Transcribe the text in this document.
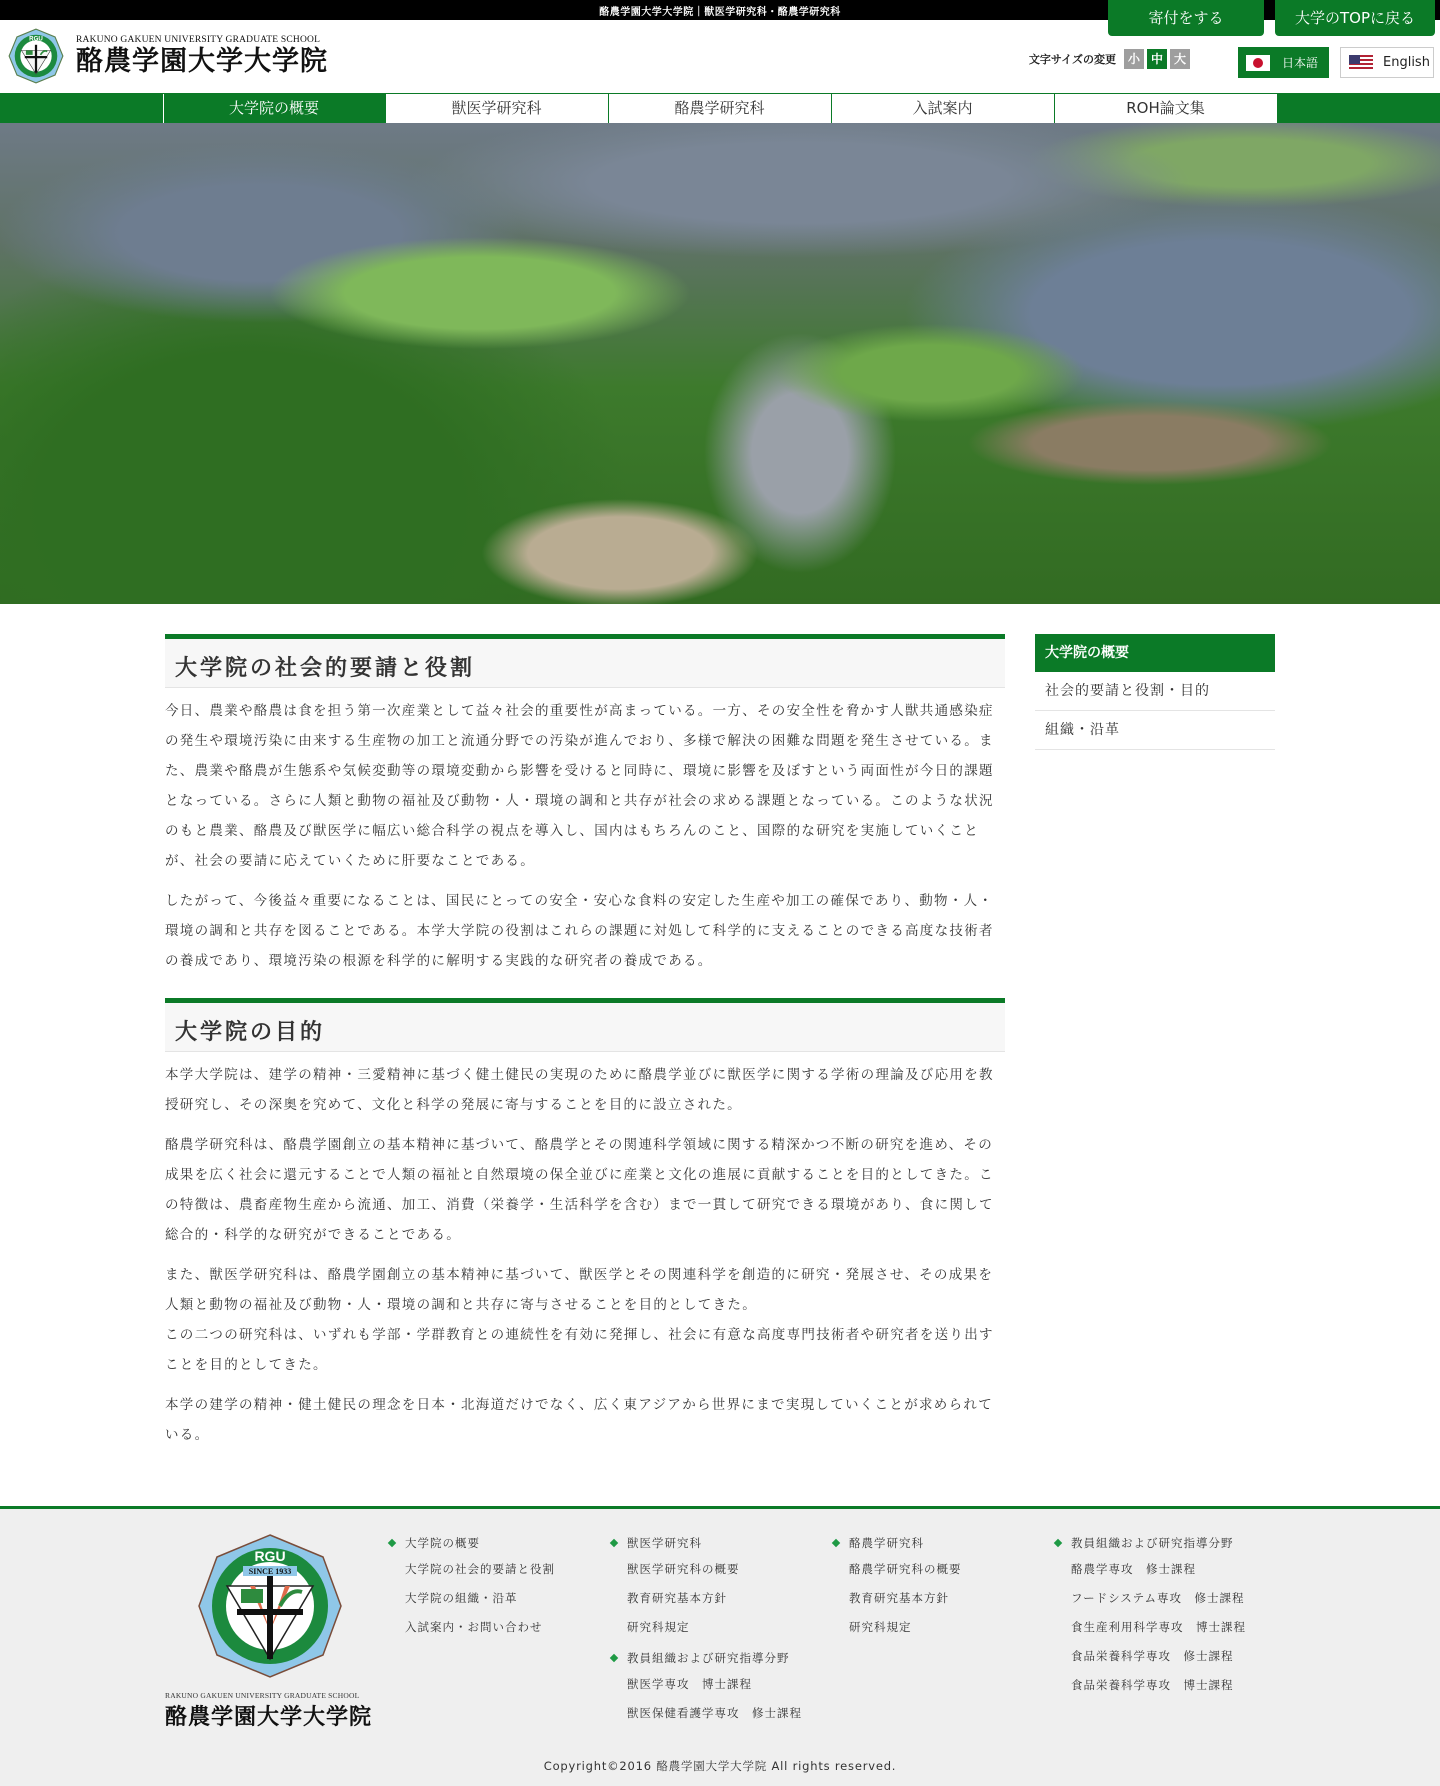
酪農学園大学大学院｜獣医学研究科・酪農学研究科	寄付をする	大学のTOPに戻る
RGU	RAKUNO GAKUEN UNIVERSITY GRADUATE SCHOOL
酪農学園大学大学院	文字サイズの変更 小 中 大	日本語	English
大学院の概要	獣医学研究科	酪農学研究科	入試案内	ROH論文集
大学院の社会的要請と役割

今日、農業や酪農は食を担う第一次産業として益々社会的重要性が高まっている。一方、その安全性を脅かす人獣共通感染症の発生や環境汚染に由来する生産物の加工と流通分野での汚染が進んでおり、多様で解決の困難な問題を発生させている。また、農業や酪農が生態系や気候変動等の環境変動から影響を受けると同時に、環境に影響を及ぼすという両面性が今日的課題となっている。さらに人類と動物の福祉及び動物・人・環境の調和と共存が社会の求める課題となっている。このような状況のもと農業、酪農及び獣医学に幅広い総合科学の視点を導入し、国内はもちろんのこと、国際的な研究を実施していくことが、社会の要請に応えていくために肝要なことである。

したがって、今後益々重要になることは、国民にとっての安全・安心な食料の安定した生産や加工の確保であり、動物・人・環境の調和と共存を図ることである。本学大学院の役割はこれらの課題に対処して科学的に支えることのできる高度な技術者の養成であり、環境汚染の根源を科学的に解明する実践的な研究者の養成である。

大学院の目的

本学大学院は、建学の精神・三愛精神に基づく健土健民の実現のために酪農学並びに獣医学に関する学術の理論及び応用を教授研究し、その深奥を究めて、文化と科学の発展に寄与することを目的に設立された。

酪農学研究科は、酪農学園創立の基本精神に基づいて、酪農学とその関連科学領域に関する精深かつ不断の研究を進め、その成果を広く社会に還元することで人類の福祉と自然環境の保全並びに産業と文化の進展に貢献することを目的としてきた。この特徴は、農畜産物生産から流通、加工、消費（栄養学・生活科学を含む）まで一貫して研究できる環境があり、食に関して総合的・科学的な研究ができることである。

また、獣医学研究科は、酪農学園創立の基本精神に基づいて、獣医学とその関連科学を創造的に研究・発展させ、その成果を人類と動物の福祉及び動物・人・環境の調和と共存に寄与させることを目的としてきた。

この二つの研究科は、いずれも学部・学群教育との連続性を有効に発揮し、社会に有意な高度専門技術者や研究者を送り出すことを目的としてきた。

本学の建学の精神・健土健民の理念を日本・北海道だけでなく、広く東アジアから世界にまで実現していくことが求められている。

大学院の概要
社会的要請と役割・目的
組織・沿革
SINCE 1933
RGU
RAKUNO GAKUEN UNIVERSITY GRADUATE SCHOOL
酪農学園大学大学院
大学院の概要
大学院の社会的要請と役割
大学院の組織・沿革
入試案内・お問い合わせ
獣医学研究科
獣医学研究科の概要
教育研究基本方針
研究科規定
教員組織および研究指導分野
獣医学専攻　博士課程
獣医保健看護学専攻　修士課程
酪農学研究科
酪農学研究科の概要
教育研究基本方針
研究科規定
教員組織および研究指導分野
酪農学専攻　修士課程
フードシステム専攻　修士課程
食生産利用科学専攻　博士課程
食品栄養科学専攻　修士課程
食品栄養科学専攻　博士課程
Copyright©2016 酪農学園大学大学院 All rights reserved.
